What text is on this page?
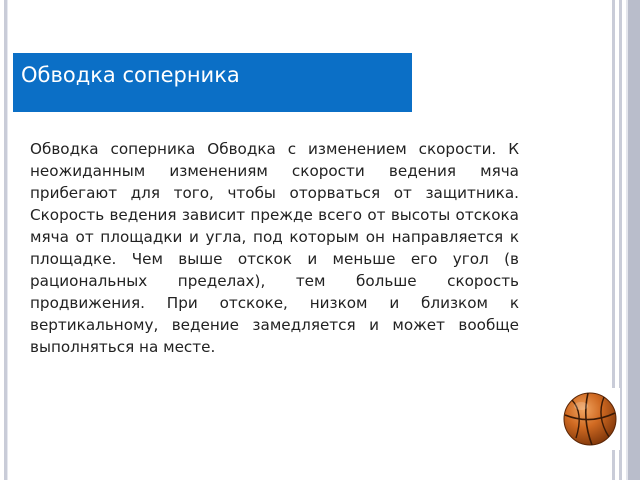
Обводка соперника

Обводка соперника Обводка с изменением скорости. К неожиданным изменениям скорости ведения мяча прибегают для того, чтобы оторваться от защитника. Скорость ведения зависит прежде всего от высоты отскока мяча от площадки и угла, под которым он направляется к площадке. Чем выше отскок и меньше его угол (в рациональных пределах), тем больше скорость продвижения. При отскоке, низком и близком к вертикальному, ведение замедляется и может вообще выполняться на месте.
